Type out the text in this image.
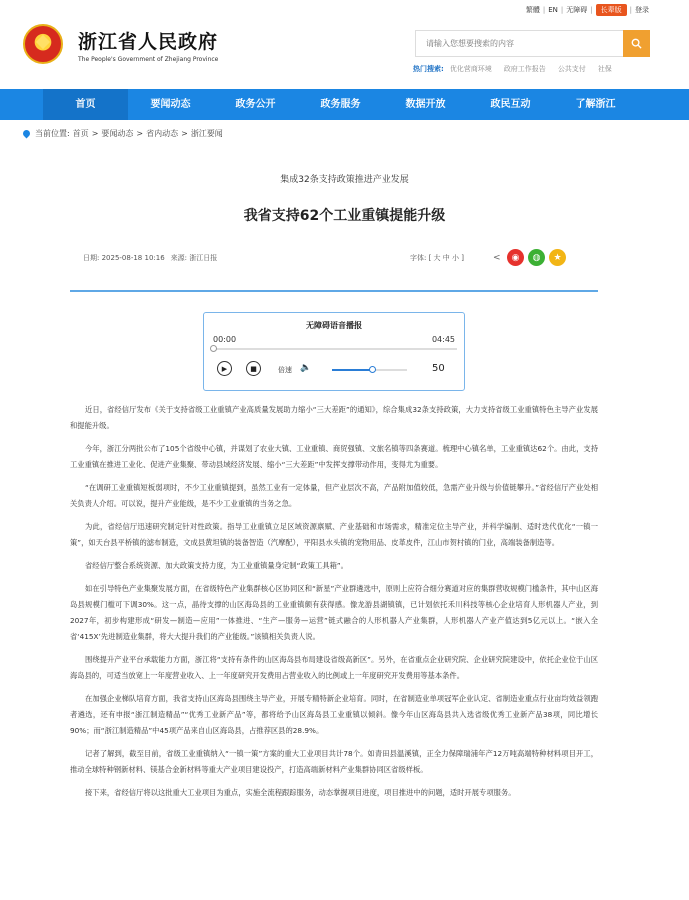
繁體 | EN | 无障碍 |	长辈版	| 登录
浙江省人民政府
The People's Government of Zhejiang Province
请输入您想要搜索的内容
热门搜索: 优化营商环境 政府工作报告 公共支付 社保
首页	要闻动态	政务公开	政务服务	数据开放	政民互动	了解浙江
当前位置: 首页 > 要闻动态 > 省内动态 > 浙江要闻
集成32条支持政策推进产业发展
我省支持62个工业重镇提能升级
日期: 2025-08-18 10:16 来源: 浙江日报	字体: [ 大 中 小 ]	<	◉	◍	★
无障碍语音播报
00:00	04:45
▶	■	倍速 🔈	50

近日，省经信厅发布《关于支持省级工业重镇产业高质量发展助力缩小“三大差距”的通知》，综合集成32条支持政策，大力支持省级工业重镇特色主导产业发展和提能升级。

今年，浙江分两批公布了105个省级中心镇，并谋划了农业大镇、工业重镇、商贸强镇、文旅名镇等四条赛道。梳理中心镇名单，工业重镇达62个。由此，支持工业重镇在推进工业化、促进产业集聚、带动县域经济发展、缩小“三大差距”中发挥支撑带动作用，变得尤为重要。

“在调研工业重镇短板弱项时，不少工业重镇提到，虽然工业有一定体量，但产业层次不高，产品附加值较低，急需产业升级与价值链攀升。”省经信厅产业处相关负责人介绍。可以说，提升产业能级，是不少工业重镇的当务之急。

为此，省经信厅迅速研究制定针对性政策。指导工业重镇立足区域资源禀赋、产业基础和市场需求，精准定位主导产业，并科学编制、适时迭代优化“一镇一策”，如天台县平桥镇的滤布制造，文成县黄坦镇的装备智造（汽摩配），平阳县水头镇的宠物用品、皮革皮件，江山市贺村镇的门业，高端装备制造等。

省经信厅整合系统资源、加大政策支持力度，为工业重镇量身定制“政策工具箱”。

如在引导特色产业集聚发展方面，在省级特色产业集群核心区协同区和“新星”产业群遴选中，原则上应符合细分赛道对应的集群营收规模门槛条件，其中山区海岛县规模门槛可下调30%。这一点，晶待支撑的山区海岛县的工业重镇颇有获得感。像龙游县湖镇镇，已计划依托禾川科技等核心企业培育人形机器人产业，到2027年，初步构建形成“研发—制造—应用”一体推进、“生产—服务—运营”链式融合的人形机器人产业集群，人形机器人产业产值达到5亿元以上。“嵌入全省‘415X’先进制造业集群，将大大提升我们的产业能级。”该镇相关负责人说。

围绕提升产业平台承载能力方面，浙江将“支持有条件的山区海岛县布局建设省级高新区”。另外，在省重点企业研究院、企业研究院建设中，依托企业位于山区海岛县的，可适当放宽上一年度营业收入、上一年度研究开发费用占营业收入的比例或上一年度研究开发费用等基本条件。

在加强企业梯队培育方面，我省支持山区海岛县围绕主导产业，开展专精特新企业培育。同时，在省制造业单项冠军企业认定、省制造业重点行业亩均效益领跑者遴选，还有申报“浙江制造精品”“优秀工业新产品”等，都将给予山区海岛县工业重镇以倾斜。像今年山区海岛县共入选省级优秀工业新产品38项，同比增长90%；而“浙江制造精品”中45项产品来自山区海岛县，占推荐区县的28.9%。

记者了解到，截至目前，省级工业重镇纳入“一镇一策”方案的重大工业项目共计78个。如青田县温溪镇，正全力保障瑞浦年产12万吨高端特种材料项目开工，推动全球特种钢新材料、镁基合金新材料等重大产业项目建设投产，打造高端新材料产业集群协同区省级样板。

接下来，省经信厅将以这批重大工业项目为重点，实施全流程跟踪服务，动态掌握项目进度，项目推进中的问题，适时开展专项服务。
